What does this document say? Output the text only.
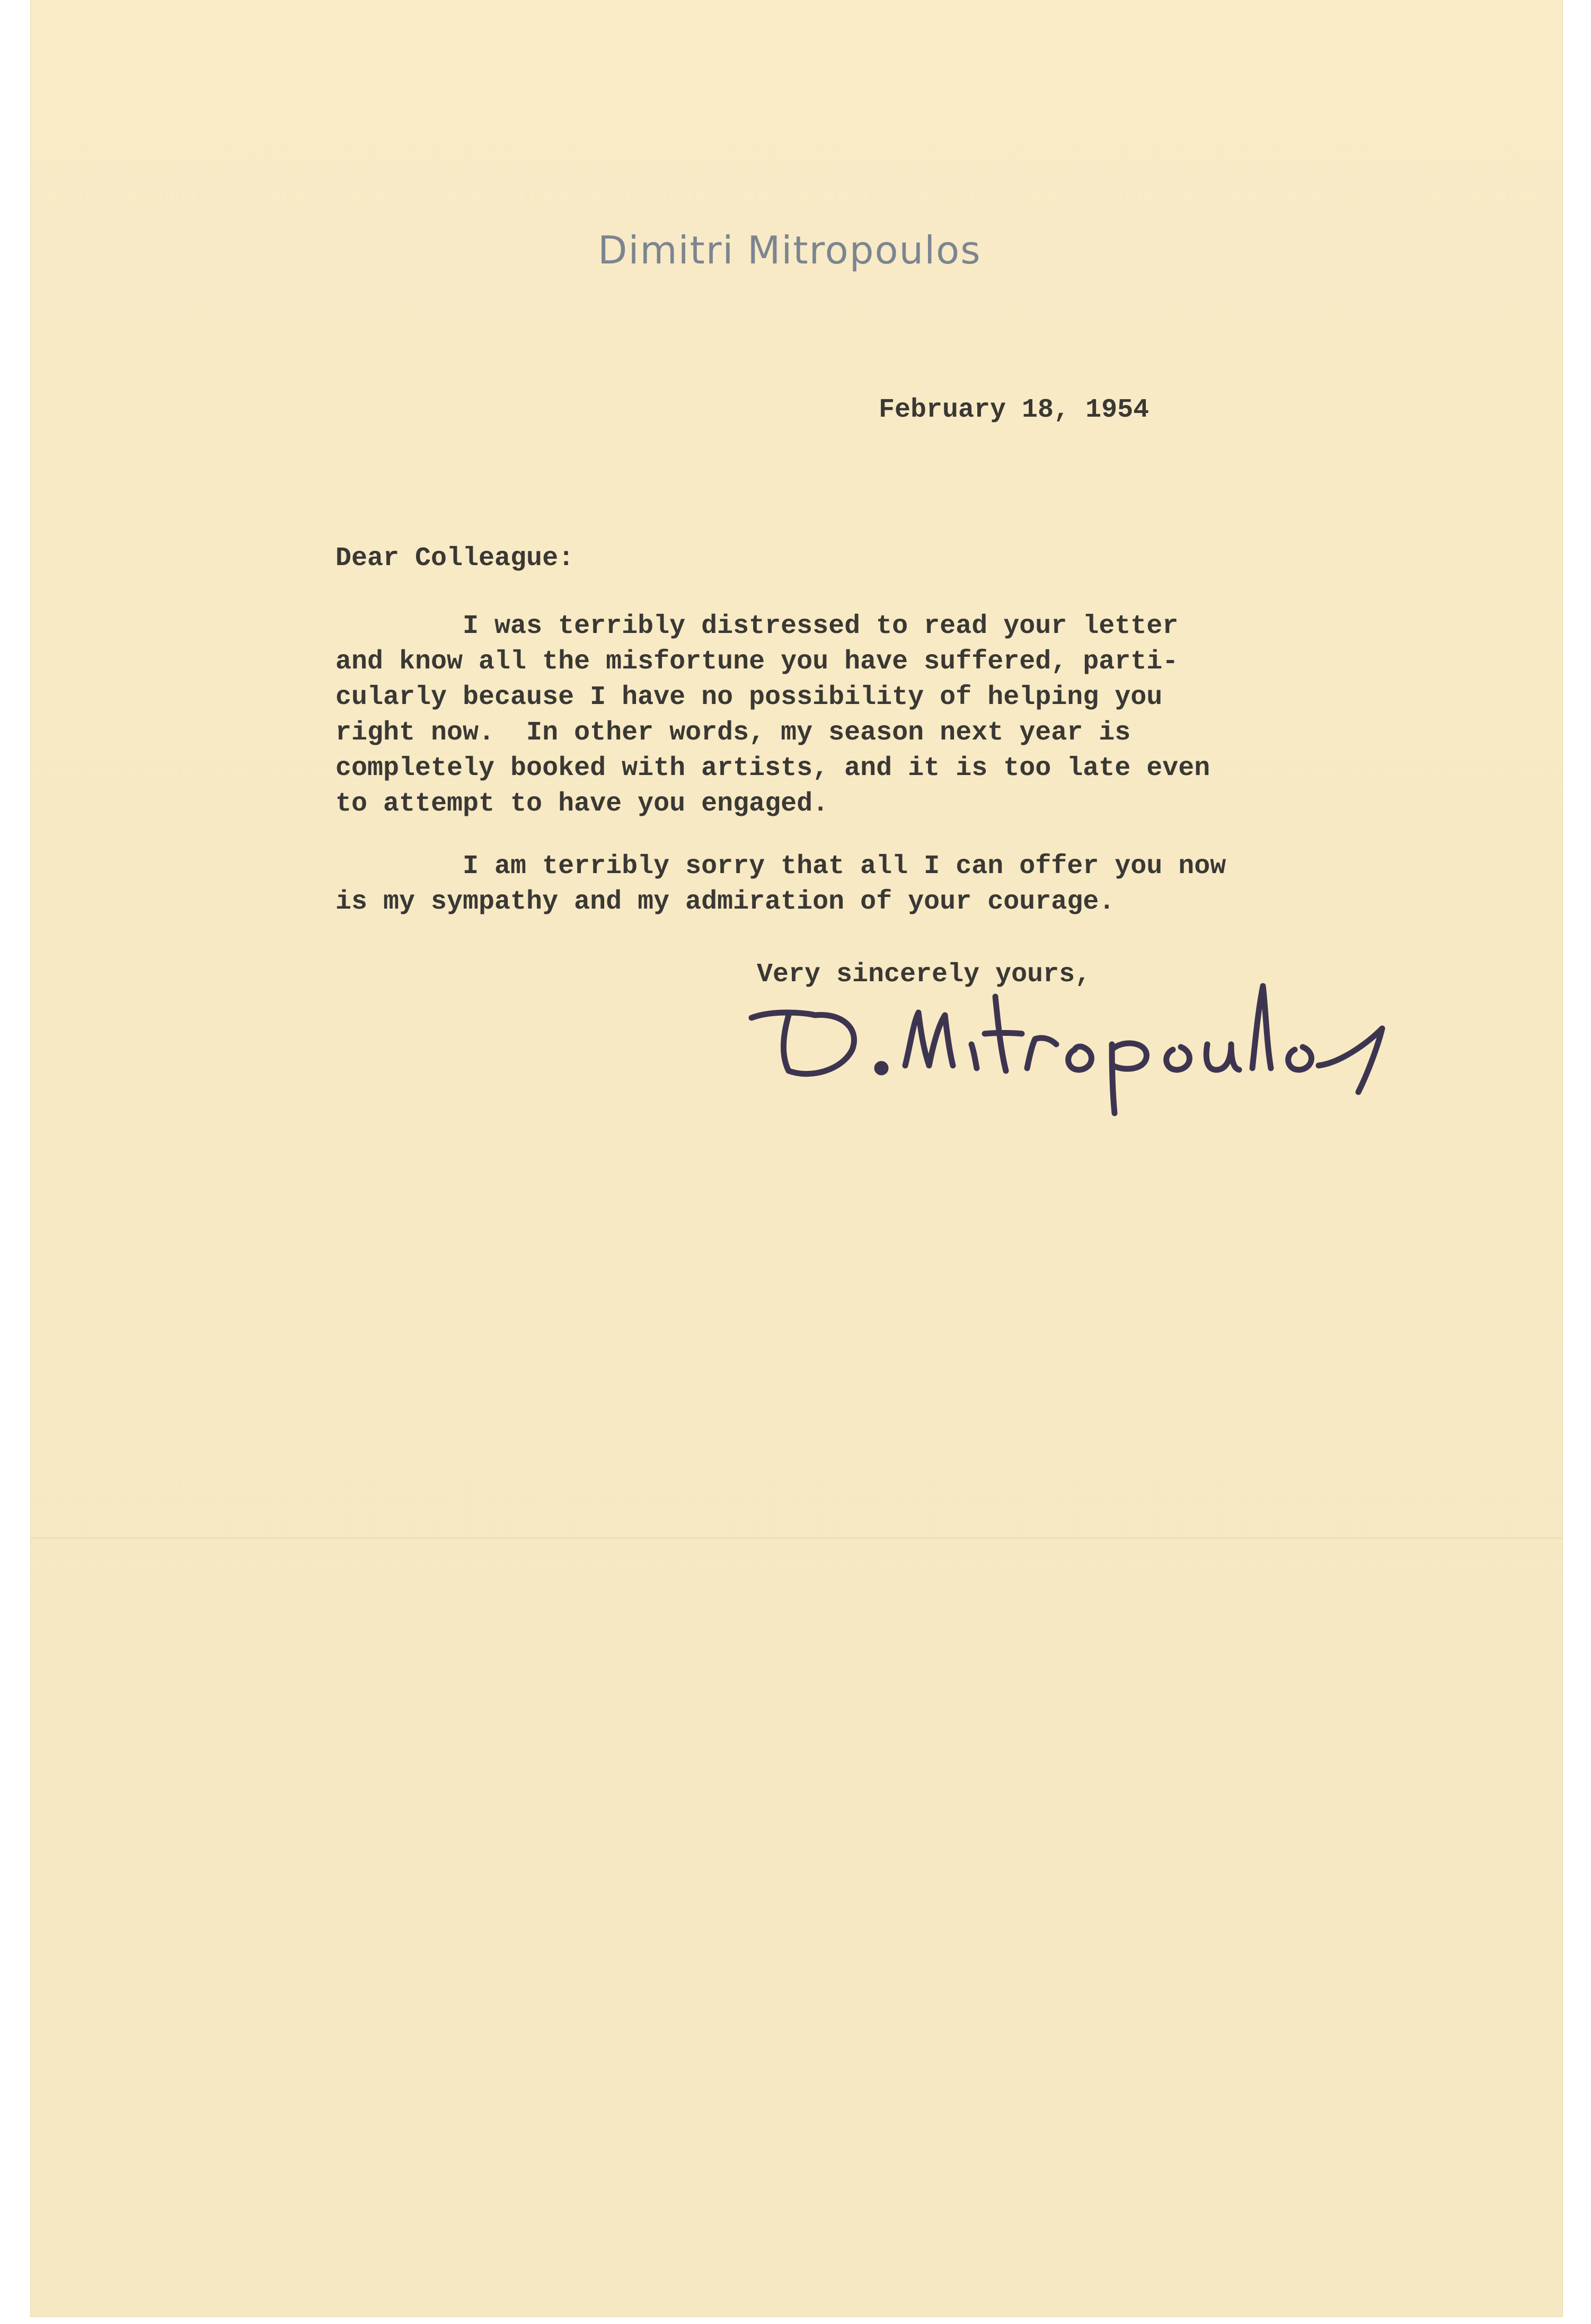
Dimitri Mitropoulos
February 18, 1954
Dear Colleague:
I was terribly distressed to read your letter
and know all the misfortune you have suffered, parti-
cularly because I have no possibility of helping you
right now.  In other words, my season next year is
completely booked with artists, and it is too late even
to attempt to have you engaged.
I am terribly sorry that all I can offer you now
is my sympathy and my admiration of your courage.
Very sincerely yours,
